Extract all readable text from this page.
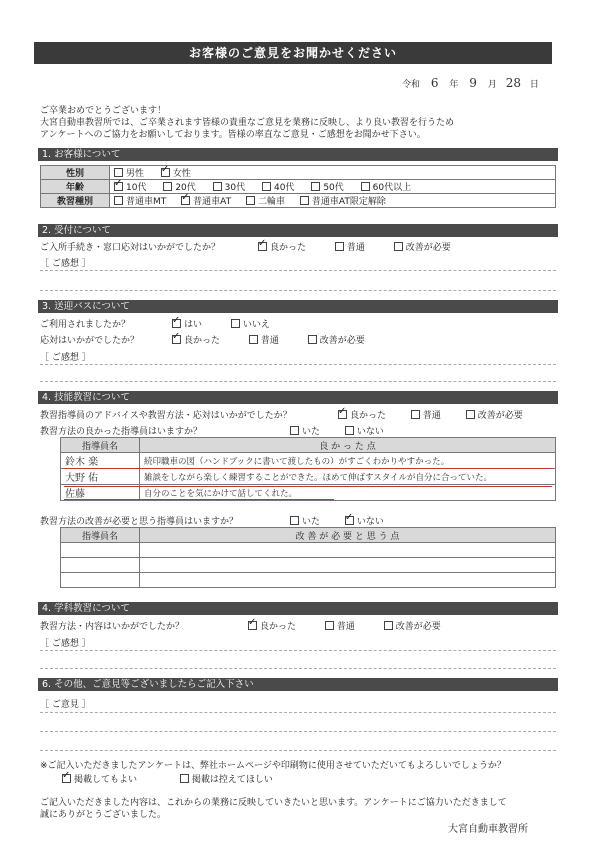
お客様のご意見をお聞かせください
令和 6 年 9 月 28 日
ご卒業おめでとうございます！
大宮自動車教習所では、ご卒業されます皆様の貴重なご意見を業務に反映し、より良い教習を行うため
アンケートへのご協力をお願いしております。皆様の率直なご意見・ご感想をお聞かせ下さい。
1. お客様について
性別	男性 ✓ 女性
年齢	✓10代 20代 30代 40代 50代 60代以上
教習種別	普通車MT ✓ 普通車AT 二輪車 普通車AT限定解除
2. 受付について
ご入所手続き・窓口応対はいかがでしたか？ ✓	良かった	普通	改善が必要
［ ご感想 ］
3. 送迎バスについて
ご利用されましたか？ ✓	はい	いいえ
応対はいかがでしたか？ ✓	良かった	普通	改善が必要
［ ご感想 ］
4. 技能教習について
教習指導員のアドバイスや教習方法・応対はいかがでしたか？ ✓	良かった	普通	改善が必要
教習方法の良かった指導員はいますか？	いた	いない
指導員名	良 か っ た 点
鈴木 楽	続印職車の図（ハンドブックに書いて渡したもの）がすごくわかりやすかった。
大野 佑	雑談をしながら楽しく練習することができた。ほめて伸ばすスタイルが自分に合っていた。
佐藤	自分のことを気にかけて話してくれた。
教習方法の改善が必要と思う指導員はいますか？	いた ✓	いない
指導員名	改 善 が 必 要 と 思 う 点

4. 学科教習について
教習方法・内容はいかがでしたか？ ✓	良かった	普通	改善が必要
［ ご感想 ］
6. その他、ご意見等ございましたらご記入下さい
［ ご意見 ］
※ご記入いただきましたアンケートは、弊社ホームページや印刷物に使用させていただいてもよろしいでしょうか？
✓掲載してもよい	掲載は控えてほしい
ご記入いただきました内容は、これからの業務に反映していきたいと思います。アンケートにご協力いただきまして
誠にありがとうございました。
大宮自動車教習所
